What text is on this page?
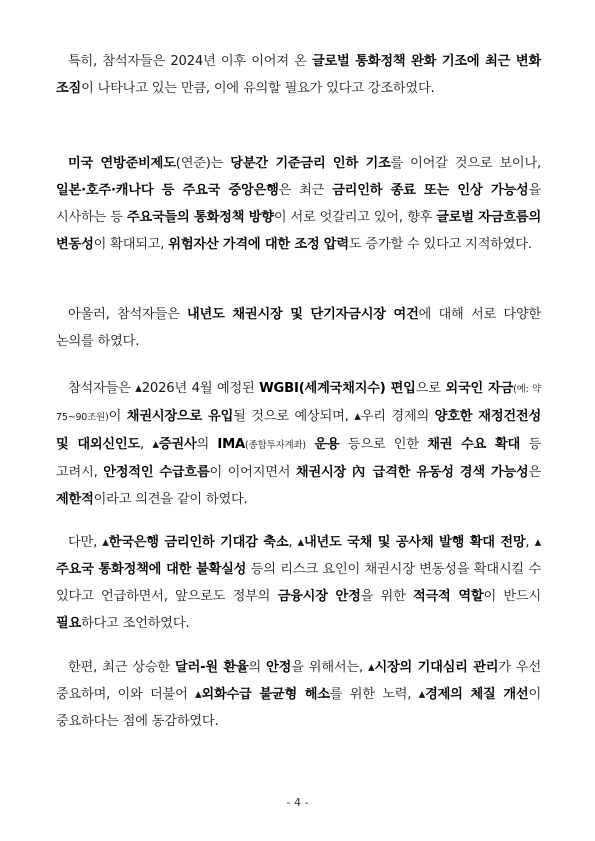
특히, 참석자들은 2024년 이후 이어져 온 글로벌 통화정책 완화 기조에 최근 변화 조짐이 나타나고 있는 만큼, 이에 유의할 필요가 있다고 강조하였다.
미국 연방준비제도(연준)는 당분간 기준금리 인하 기조를 이어갈 것으로 보이나, 일본·호주·캐나다 등 주요국 중앙은행은 최근 금리인하 종료 또는 인상 가능성을 시사하는 등 주요국들의 통화정책 방향이 서로 엇갈리고 있어, 향후 글로벌 자금흐름의 변동성이 확대되고, 위험자산 가격에 대한 조정 압력도 증가할 수 있다고 지적하였다.
아울러, 참석자들은 내년도 채권시장 및 단기자금시장 여건에 대해 서로 다양한 논의를 하였다.
참석자들은 ▴2026년 4월 예정된 WGBI(세계국채지수) 편입으로 외국인 자금(예: 약 75~90조원)이 채권시장으로 유입될 것으로 예상되며, ▴우리 경제의 양호한 재정건전성 및 대외신인도, ▴증권사의 IMA(종합투자계좌) 운용 등으로 인한 채권 수요 확대 등 고려시, 안정적인 수급흐름이 이어지면서 채권시장 內 급격한 유동성 경색 가능성은 제한적이라고 의견을 같이 하였다.
다만, ▴한국은행 금리인하 기대감 축소, ▴내년도 국채 및 공사채 발행 확대 전망, ▴주요국 통화정책에 대한 불확실성 등의 리스크 요인이 채권시장 변동성을 확대시킬 수 있다고 언급하면서, 앞으로도 정부의 금융시장 안정을 위한 적극적 역할이 반드시 필요하다고 조언하였다.
한편, 최근 상승한 달러-원 환율의 안정을 위해서는, ▴시장의 기대심리 관리가 우선 중요하며, 이와 더불어 ▴외화수급 불균형 해소를 위한 노력, ▴경제의 체질 개선이 중요하다는 점에 동감하였다.
- 4 -
